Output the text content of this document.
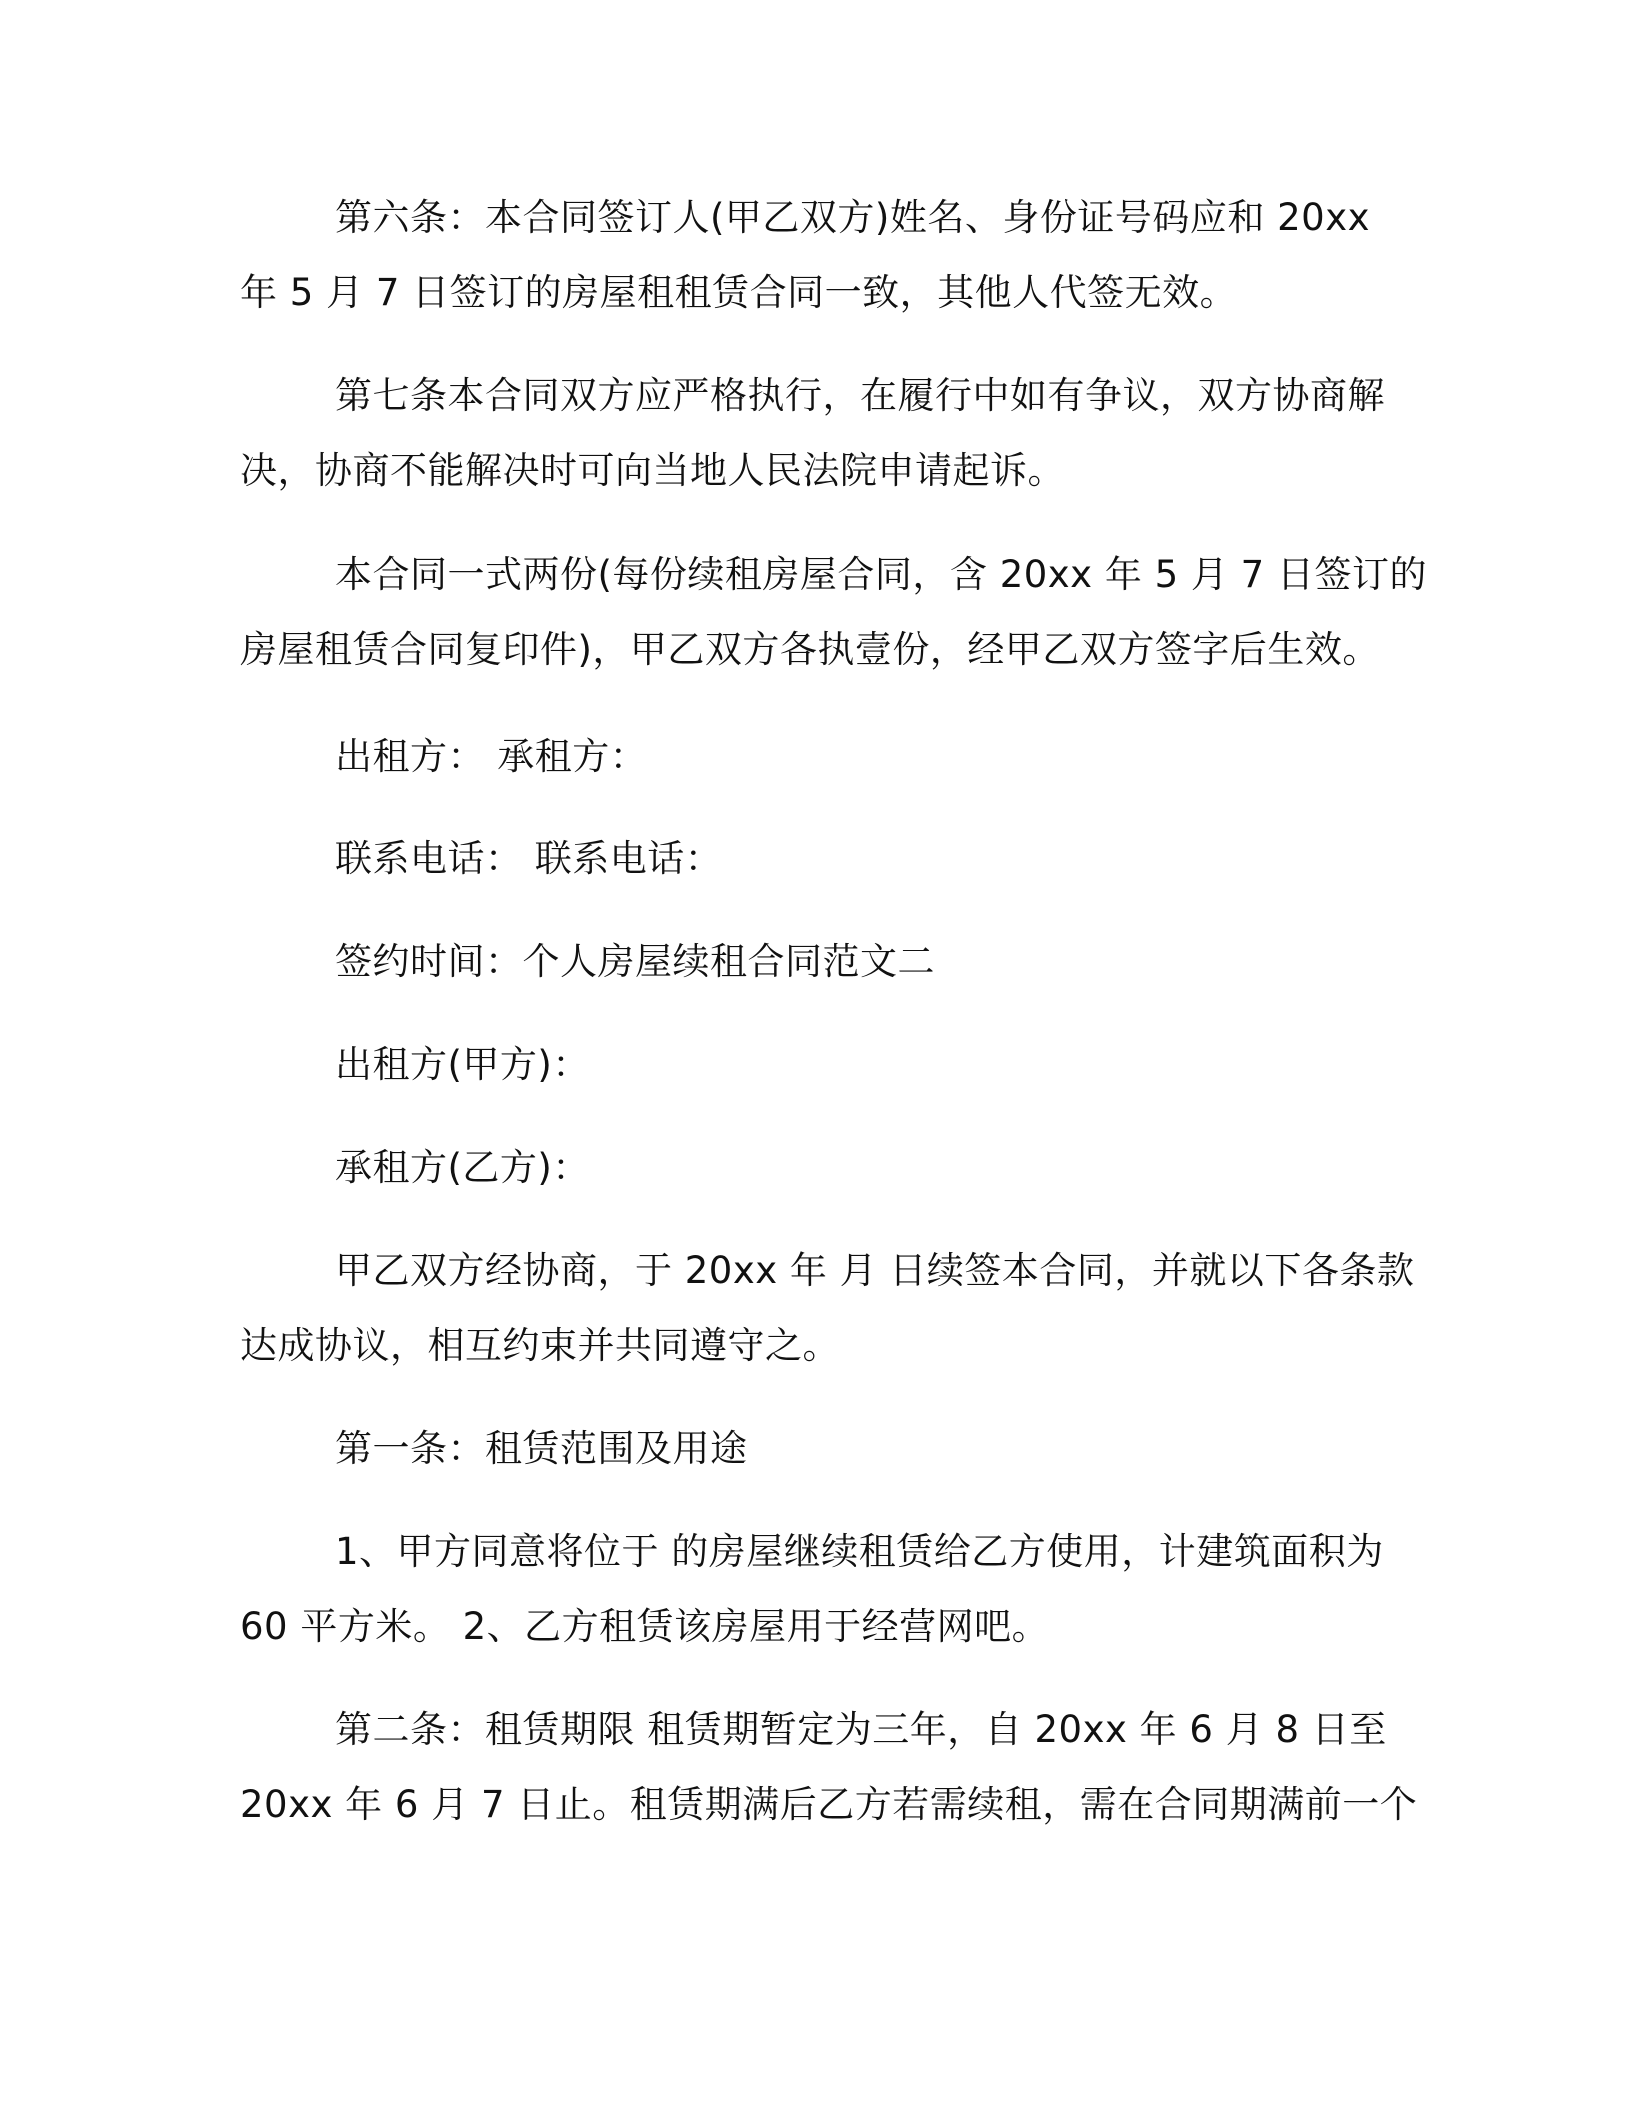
第六条：本合同签订人(甲乙双方)姓名、身份证号码应和 20xx
年 5 月 7 日签订的房屋租租赁合同一致，其他人代签无效。
第七条本合同双方应严格执行，在履行中如有争议，双方协商解
决，协商不能解决时可向当地人民法院申请起诉。
本合同一式两份(每份续租房屋合同，含 20xx 年 5 月 7 日签订的
房屋租赁合同复印件)，甲乙双方各执壹份，经甲乙双方签字后生效。
出租方： 承租方：
联系电话： 联系电话：
签约时间：个人房屋续租合同范文二
出租方(甲方)：
承租方(乙方)：
甲乙双方经协商，于 20xx 年 月 日续签本合同，并就以下各条款
达成协议，相互约束并共同遵守之。
第一条：租赁范围及用途
1、甲方同意将位于 的房屋继续租赁给乙方使用，计建筑面积为
60 平方米。 2、乙方租赁该房屋用于经营网吧。
第二条：租赁期限 租赁期暂定为三年，自 20xx 年 6 月 8 日至
20xx 年 6 月 7 日止。租赁期满后乙方若需续租，需在合同期满前一个
